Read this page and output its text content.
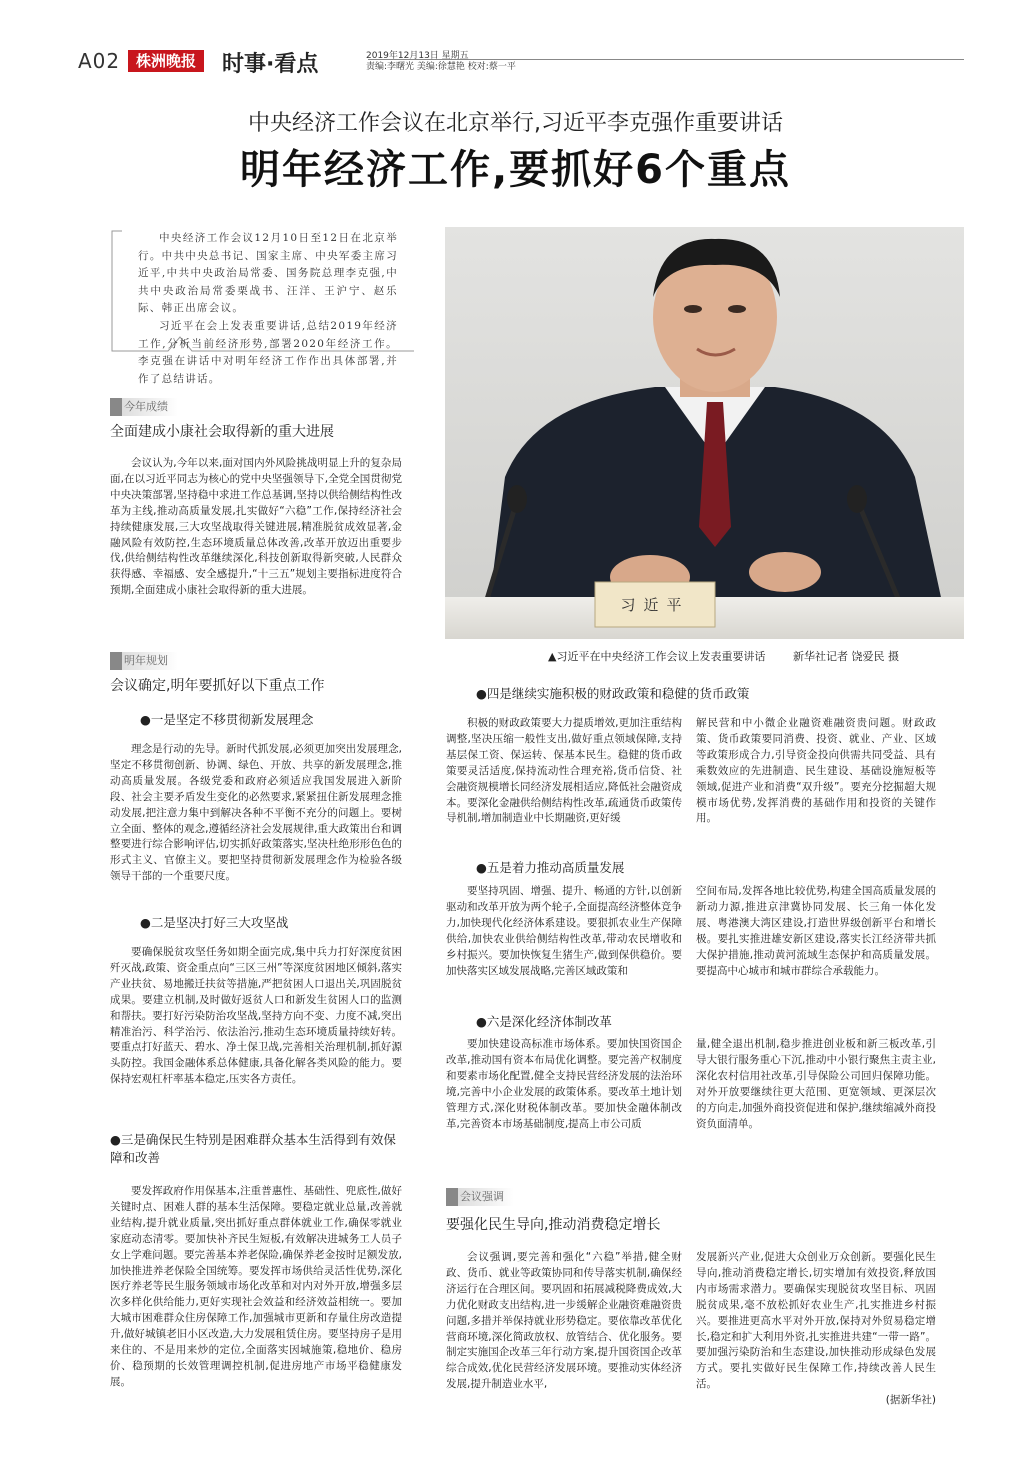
A02	株洲晚报	时事·看点	2019年12月13日 星期五
责编:李曙光 美编:徐慧艳 校对:蔡一平
中央经济工作会议在北京举行,习近平李克强作重要讲话
明年经济工作,要抓好6个重点

中央经济工作会议12月10日至12日在北京举行。中共中央总书记、国家主席、中央军委主席习近平,中共中央政治局常委、国务院总理李克强,中共中央政治局常委栗战书、汪洋、王沪宁、赵乐际、韩正出席会议。

习近平在会上发表重要讲话,总结2019年经济工作,分析当前经济形势,部署2020年经济工作。李克强在讲话中对明年经济工作作出具体部署,并作了总结讲话。

习近平
▲习近平在中央经济工作会议上发表重要讲话	新华社记者 饶爱民 摄
今年成绩
全面建成小康社会取得新的重大进展

会议认为,今年以来,面对国内外风险挑战明显上升的复杂局面,在以习近平同志为核心的党中央坚强领导下,全党全国贯彻党中央决策部署,坚持稳中求进工作总基调,坚持以供给侧结构性改革为主线,推动高质量发展,扎实做好“六稳”工作,保持经济社会持续健康发展,三大攻坚战取得关键进展,精准脱贫成效显著,金融风险有效防控,生态环境质量总体改善,改革开放迈出重要步伐,供给侧结构性改革继续深化,科技创新取得新突破,人民群众获得感、幸福感、安全感提升,“十三五”规划主要指标进度符合预期,全面建成小康社会取得新的重大进展。

明年规划
会议确定,明年要抓好以下重点工作
●一是坚定不移贯彻新发展理念

理念是行动的先导。新时代抓发展,必须更加突出发展理念,坚定不移贯彻创新、协调、绿色、开放、共享的新发展理念,推动高质量发展。各级党委和政府必须适应我国发展进入新阶段、社会主要矛盾发生变化的必然要求,紧紧扭住新发展理念推动发展,把注意力集中到解决各种不平衡不充分的问题上。要树立全面、整体的观念,遵循经济社会发展规律,重大政策出台和调整要进行综合影响评估,切实抓好政策落实,坚决杜绝形形色色的形式主义、官僚主义。要把坚持贯彻新发展理念作为检验各级领导干部的一个重要尺度。

●二是坚决打好三大攻坚战

要确保脱贫攻坚任务如期全面完成,集中兵力打好深度贫困歼灭战,政策、资金重点向“三区三州”等深度贫困地区倾斜,落实产业扶贫、易地搬迁扶贫等措施,严把贫困人口退出关,巩固脱贫成果。要建立机制,及时做好返贫人口和新发生贫困人口的监测和帮扶。要打好污染防治攻坚战,坚持方向不变、力度不减,突出精准治污、科学治污、依法治污,推动生态环境质量持续好转。要重点打好蓝天、碧水、净土保卫战,完善相关治理机制,抓好源头防控。我国金融体系总体健康,具备化解各类风险的能力。要保持宏观杠杆率基本稳定,压实各方责任。

●三是确保民生特别是困难群众基本生活得到有效保障和改善

要发挥政府作用保基本,注重普惠性、基础性、兜底性,做好关键时点、困难人群的基本生活保障。要稳定就业总量,改善就业结构,提升就业质量,突出抓好重点群体就业工作,确保零就业家庭动态清零。要加快补齐民生短板,有效解决进城务工人员子女上学难问题。要完善基本养老保险,确保养老金按时足额发放,加快推进养老保险全国统筹。要发挥市场供给灵活性优势,深化医疗养老等民生服务领域市场化改革和对内对外开放,增强多层次多样化供给能力,更好实现社会效益和经济效益相统一。要加大城市困难群众住房保障工作,加强城市更新和存量住房改造提升,做好城镇老旧小区改造,大力发展租赁住房。要坚持房子是用来住的、不是用来炒的定位,全面落实因城施策,稳地价、稳房价、稳预期的长效管理调控机制,促进房地产市场平稳健康发展。

●四是继续实施积极的财政政策和稳健的货币政策

积极的财政政策要大力提质增效,更加注重结构调整,坚决压缩一般性支出,做好重点领域保障,支持基层保工资、保运转、保基本民生。稳健的货币政策要灵活适度,保持流动性合理充裕,货币信贷、社会融资规模增长同经济发展相适应,降低社会融资成本。要深化金融供给侧结构性改革,疏通货币政策传导机制,增加制造业中长期融资,更好缓

解民营和中小微企业融资难融资贵问题。财政政策、货币政策要同消费、投资、就业、产业、区域等政策形成合力,引导资金投向供需共同受益、具有乘数效应的先进制造、民生建设、基础设施短板等领域,促进产业和消费“双升级”。要充分挖掘超大规模市场优势,发挥消费的基础作用和投资的关键作用。

●五是着力推动高质量发展

要坚持巩固、增强、提升、畅通的方针,以创新驱动和改革开放为两个轮子,全面提高经济整体竞争力,加快现代化经济体系建设。要狠抓农业生产保障供给,加快农业供给侧结构性改革,带动农民增收和乡村振兴。要加快恢复生猪生产,做到保供稳价。要加快落实区域发展战略,完善区域政策和

空间布局,发挥各地比较优势,构建全国高质量发展的新动力源,推进京津冀协同发展、长三角一体化发展、粤港澳大湾区建设,打造世界级创新平台和增长极。要扎实推进雄安新区建设,落实长江经济带共抓大保护措施,推动黄河流域生态保护和高质量发展。要提高中心城市和城市群综合承载能力。

●六是深化经济体制改革

要加快建设高标准市场体系。要加快国资国企改革,推动国有资本布局优化调整。要完善产权制度和要素市场化配置,健全支持民营经济发展的法治环境,完善中小企业发展的政策体系。要改革土地计划管理方式,深化财税体制改革。要加快金融体制改革,完善资本市场基础制度,提高上市公司质

量,健全退出机制,稳步推进创业板和新三板改革,引导大银行服务重心下沉,推动中小银行聚焦主责主业,深化农村信用社改革,引导保险公司回归保障功能。对外开放要继续往更大范围、更宽领域、更深层次的方向走,加强外商投资促进和保护,继续缩减外商投资负面清单。

会议强调
要强化民生导向,推动消费稳定增长

会议强调,要完善和强化“六稳”举措,健全财政、货币、就业等政策协同和传导落实机制,确保经济运行在合理区间。要巩固和拓展减税降费成效,大力优化财政支出结构,进一步缓解企业融资难融资贵问题,多措并举保持就业形势稳定。要依靠改革优化营商环境,深化简政放权、放管结合、优化服务。要制定实施国企改革三年行动方案,提升国资国企改革综合成效,优化民营经济发展环境。要推动实体经济发展,提升制造业水平,

发展新兴产业,促进大众创业万众创新。要强化民生导向,推动消费稳定增长,切实增加有效投资,释放国内市场需求潜力。要确保实现脱贫攻坚目标、巩固脱贫成果,毫不放松抓好农业生产,扎实推进乡村振兴。要推进更高水平对外开放,保持对外贸易稳定增长,稳定和扩大利用外资,扎实推进共建“一带一路”。要加强污染防治和生态建设,加快推动形成绿色发展方式。要扎实做好民生保障工作,持续改善人民生活。

(据新华社)
